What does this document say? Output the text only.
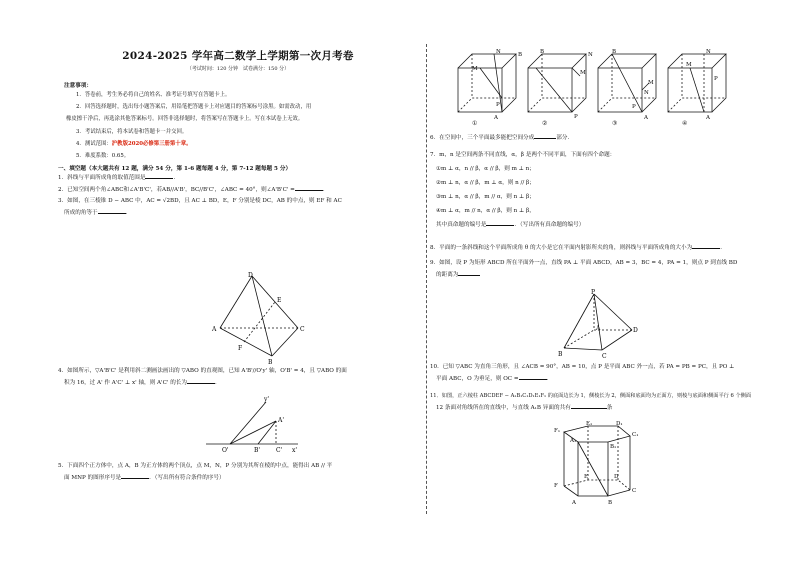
2024-2025 学年高二数学上学期第一次月考卷
（考试时间：120 分钟　试卷满分：150 分）
注意事项：
1．答卷前，考生务必将自己的姓名、准考证号填写在答题卡上。
2．回答选择题时，选出每小题答案后，用铅笔把答题卡上对应题目的答案标号涂黑。如需改动，用
橡皮擦干净后，再选涂其他答案标号。回答非选择题时，将答案写在答题卡上。写在本试卷上无效。
3．考试结束后，将本试卷和答题卡一并交回。
4．测试范围：沪教版2020必修第三册第十章。
5．难度系数：0.65。
一、填空题（本大题共有 12 题，满分 54 分，第 1-6 题每题 4 分，第 7-12 题每题 5 分）
1．斜线与平面所成角的取值范围是	．
2．已知空间两个角∠ABC和∠A'B'C'，若AB//A'B'，BC//B'C'，∠ABC = 40°，则∠A'B'C' =	．
3．如图，在三棱锥 D − ABC 中，AC = √2BD，且 AC ⊥ BD，E，F 分别是棱 DC，AB 的中点，则 EF 和 AC
所成的角等于	．
D
A
B
C
E
F
4．如图所示，▽A'B'C' 是利用斜二测画法画出的 ▽ABO 的直观图，已知 A'B'//O'y' 轴，O'B' = 4，且 ▽ABO 的面
积为 16，过 A' 作 A'C' ⊥ x' 轴，则 A'C' 的长为	．
y'
A'
C'
O'	B'	x'
5．下面四个正方体中，点 A，B 为正方体的两个顶点，点 M，N，P 分别为其所在棱的中点，能得出 AB // 平
面 MNP 的图形序号是	．（写出所有符合条件的序号）
N	B
M
P
A
B	N
M
P
B
M
N
P
A
N
M
P
A
①	②	③	④
6．在空间中，三个平面最多能把空间分成	部分．
7．m，n 是空间两条不同直线，α，β 是两个不同平面，下面有四个命题：
①m ⊥ α，n // β，α // β，则 m ⊥ n；
②m ⊥ n，α // β，m ⊥ α，则 n // β；
③m ⊥ n，α // β，m // α，则 n ⊥ β；
④m ⊥ α，m // n，α // β，则 n ⊥ β，
其中真命题的编号是	．（写出所有真命题的编号）
8．平面的一条斜线和这个平面所成角 θ 的大小是它在平面内射影所夹的角，则斜线与平面所成角的大小为	．
9．如图，设 P 为矩形 ABCD 所在平面外一点，直线 PA ⊥ 平面 ABCD，AB = 3，BC = 4，PA = 1，则点 P 到直线 BD
的距离为
P
A
B	C
D
10．已知 ▽ABC 为直角三角形，且 ∠ACB = 90°，AB = 10，点 P 是平面 ABC 外一点，若 PA = PB = PC，且 PO ⊥
平面 ABC，O 为垂足，则 OC =	．
11．如图，正六棱柱 ABCDEF − A₁B₁C₁D₁E₁F₁ 的底面边长为 1，侧棱长为 2，侧面和底面均为正面方，则棱与底面和侧面平行 6 个侧面
12 条面对角线所在的直线中，与直线 A₁B 异面的共有	条
F₁
E₁	D₁
C₁
A₁
B₁
F
E	D
C
A	B
